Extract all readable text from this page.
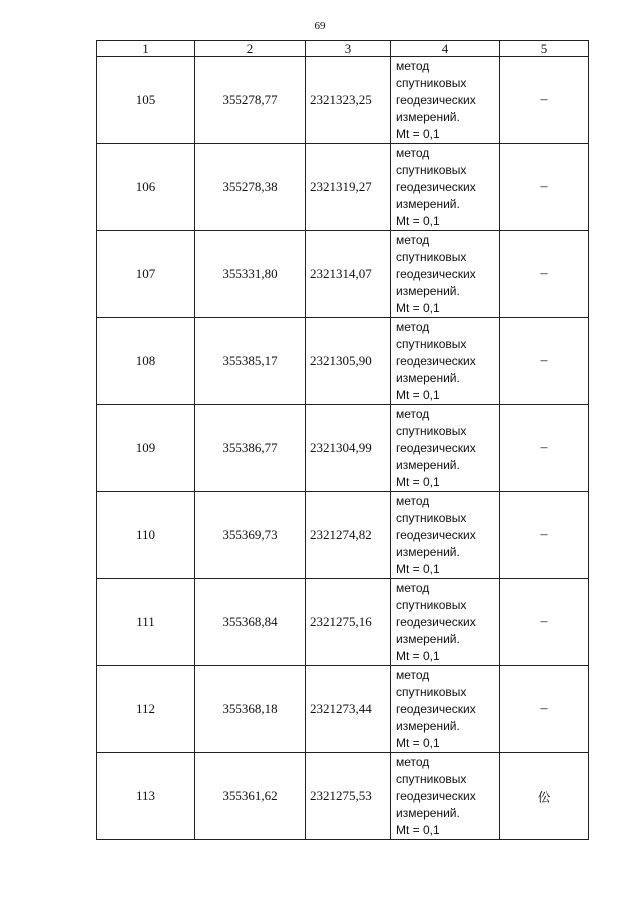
69
1	2	3	4	5
105	355278,77	2321323,25	метод
спутниковых
геодезических
измерений.
Mt = 0,1	–
106	355278,38	2321319,27	метод
спутниковых
геодезических
измерений.
Mt = 0,1	–
107	355331,80	2321314,07	метод
спутниковых
геодезических
измерений.
Mt = 0,1	–
108	355385,17	2321305,90	метод
спутниковых
геодезических
измерений.
Mt = 0,1	–
109	355386,77	2321304,99	метод
спутниковых
геодезических
измерений.
Mt = 0,1	–
110	355369,73	2321274,82	метод
спутниковых
геодезических
измерений.
Mt = 0,1	–
111	355368,84	2321275,16	метод
спутниковых
геодезических
измерений.
Mt = 0,1	–
112	355368,18	2321273,44	метод
спутниковых
геодезических
измерений.
Mt = 0,1	–
113	355361,62	2321275,53	метод
спутниковых
геодезических
измерений.
Mt = 0,1	伀
